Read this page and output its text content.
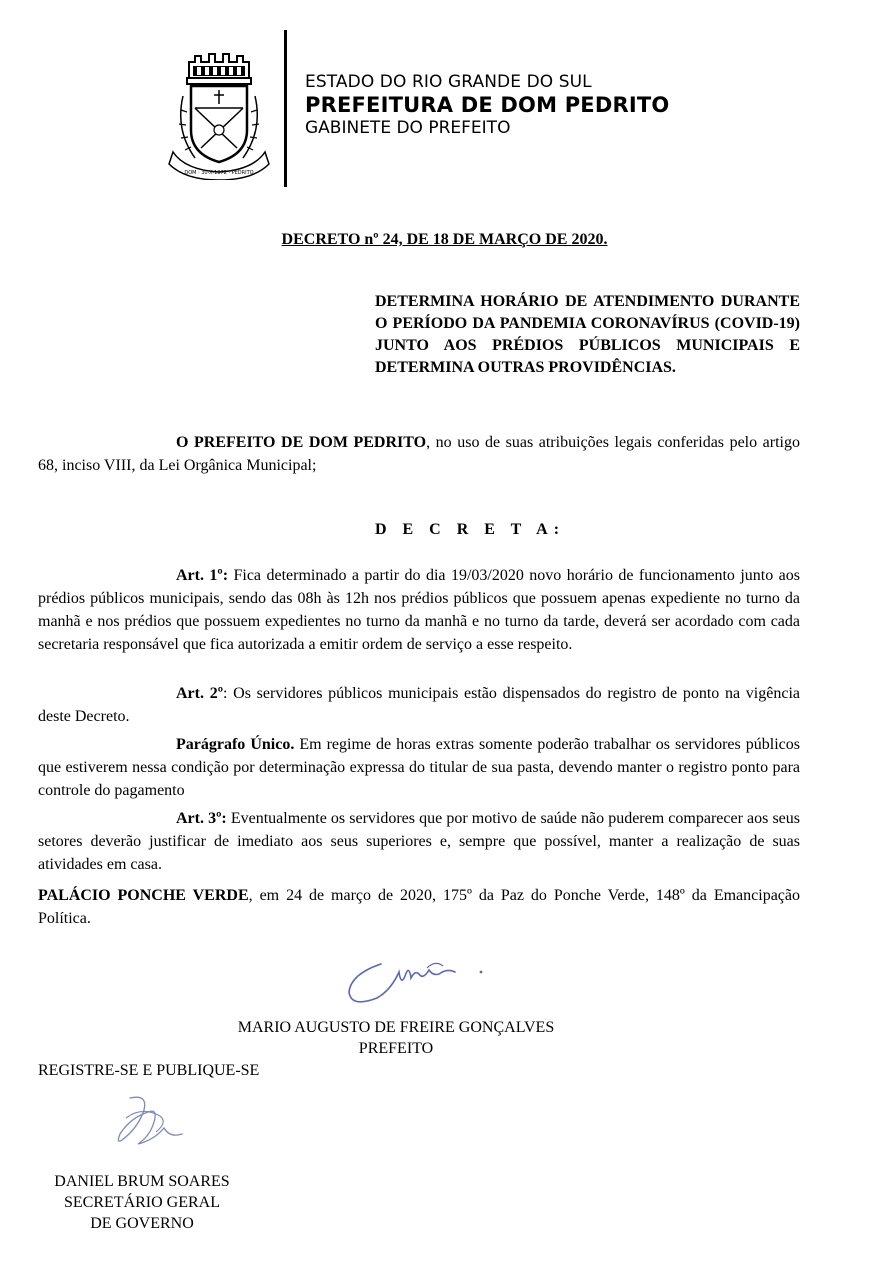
DOM · 30-X-1872 · PEDRITO
ESTADO DO RIO GRANDE DO SUL
PREFEITURA DE DOM PEDRITO
GABINETE DO PREFEITO
DECRETO nº 24, DE 18 DE MARÇO DE 2020.
DETERMINA HORÁRIO DE ATENDIMENTO DURANTE O PERÍODO DA PANDEMIA CORONAVÍRUS (COVID-19) JUNTO AOS PRÉDIOS PÚBLICOS MUNICIPAIS E DETERMINA OUTRAS PROVIDÊNCIAS.
O PREFEITO DE DOM PEDRITO, no uso de suas atribuições legais conferidas pelo artigo 68, inciso VIII, da Lei Orgânica Municipal;
D E C R E T A:
Art. 1º: Fica determinado a partir do dia 19/03/2020 novo horário de funcionamento junto aos prédios públicos municipais, sendo das 08h às 12h nos prédios públicos que possuem apenas expediente no turno da manhã e nos prédios que possuem expedientes no turno da manhã e no turno da tarde, deverá ser acordado com cada secretaria responsável que fica autorizada a emitir ordem de serviço a esse respeito.
Art. 2º: Os servidores públicos municipais estão dispensados do registro de ponto na vigência deste Decreto.
Parágrafo Único. Em regime de horas extras somente poderão trabalhar os servidores públicos que estiverem nessa condição por determinação expressa do titular de sua pasta, devendo manter o registro ponto para controle do pagamento
Art. 3º: Eventualmente os servidores que por motivo de saúde não puderem comparecer aos seus setores deverão justificar de imediato aos seus superiores e, sempre que possível, manter a realização de suas atividades em casa.
PALÁCIO PONCHE VERDE, em 24 de março de 2020, 175º da Paz do Ponche Verde, 148º da Emancipação Política.
MARIO AUGUSTO DE FREIRE GONÇALVES
PREFEITO
REGISTRE-SE E PUBLIQUE-SE
DANIEL BRUM SOARES
SECRETÁRIO GERAL
DE GOVERNO
